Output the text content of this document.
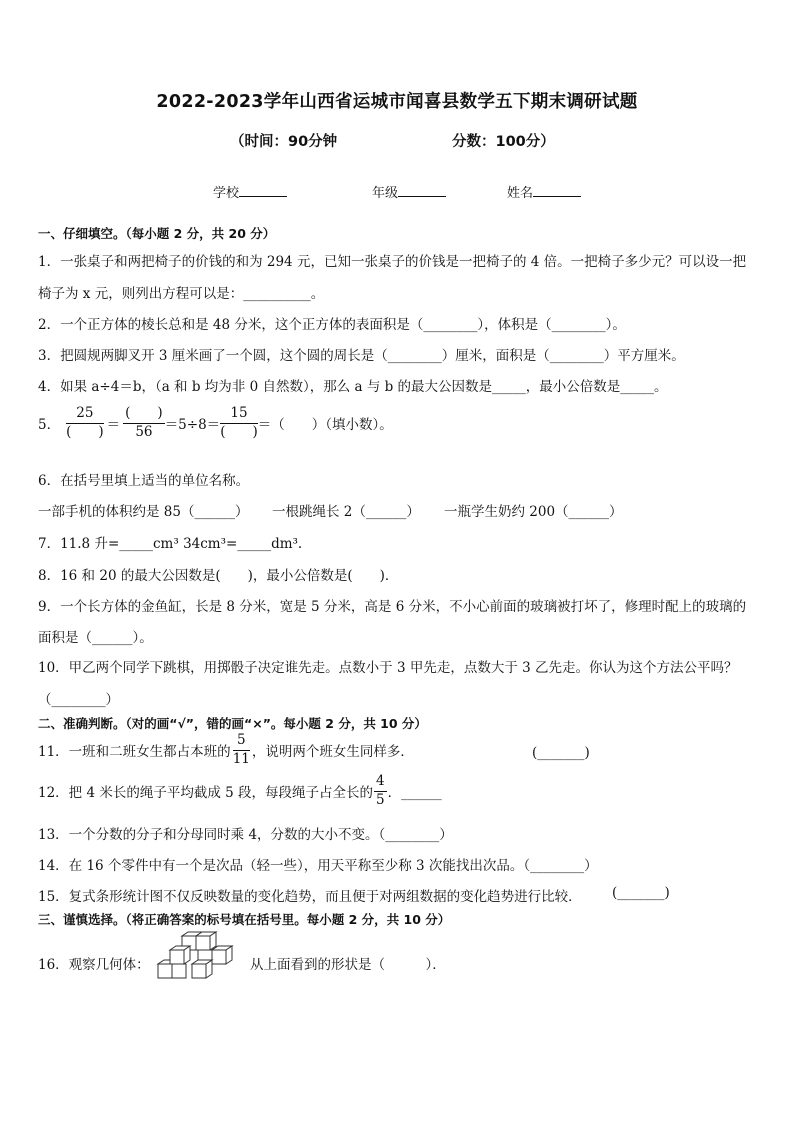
2022-2023学年山西省运城市闻喜县数学五下期末调研试题
（时间：90分钟	分数：100分）
学校	年级	姓名
一、仔细填空。（每小题 2 分，共 20 分）
1．一张桌子和两把椅子的价钱的和为 294 元，已知一张桌子的价钱是一把椅子的 4 倍。一把椅子多少元？可以设一把
椅子为 x 元，则列出方程可以是：__________。
2．一个正方体的棱长总和是 48 分米，这个正方体的表面积是（________），体积是（________）。
3．把圆规两脚叉开 3 厘米画了一个圆，这个圆的周长是（________）厘米，面积是（________）平方厘米。
4．如果 a÷4＝b，（a 和 b 均为非 0 自然数），那么 a 与 b 的最大公因数是_____，最小公倍数是_____。
5． $\frac{25}{( )} = \frac{( )}{56} =5\div 8= \frac{15}{( )}$ ＝（　　）（填小数）。
6．在括号里填上适当的单位名称。
一部手机的体积约是 85（______） 一根跳绳长 2（______） 一瓶学生奶约 200（______）
7．11.8 升=_____cm³ 34cm³=_____dm³.
8．16 和 20 的最大公因数是(　　)，最小公倍数是(　　)．
9．一个长方体的金鱼缸，长是 8 分米，宽是 5 分米，高是 6 分米，不小心前面的玻璃被打坏了，修理时配上的玻璃的
面积是（______）。
10．甲乙两个同学下跳棋，用掷骰子决定谁先走。点数小于 3 甲先走，点数大于 3 乙先走。你认为这个方法公平吗？
（________）
二、准确判断。（对的画“√”，错的画“×”。每小题 2 分，共 10 分）
11．一班和二班女生都占本班的 $\frac{5}{11}$ ，说明两个班女生同样多．	(_______)
12．把 4 米长的绳子平均截成 5 段，每段绳子占全长的 $\frac{4}{5}$ ．______
13．一个分数的分子和分母同时乘 4，分数的大小不变。（________）
14．在 16 个零件中有一个是次品（轻一些），用天平称至少称 3 次能找出次品。（________）
15．复式条形统计图不仅反映数量的变化趋势，而且便于对两组数据的变化趋势进行比较． (_______)
三、谨慎选择。（将正确答案的标号填在括号里。每小题 2 分，共 10 分）
16．观察几何体：	从上面看到的形状是（　　　）．
